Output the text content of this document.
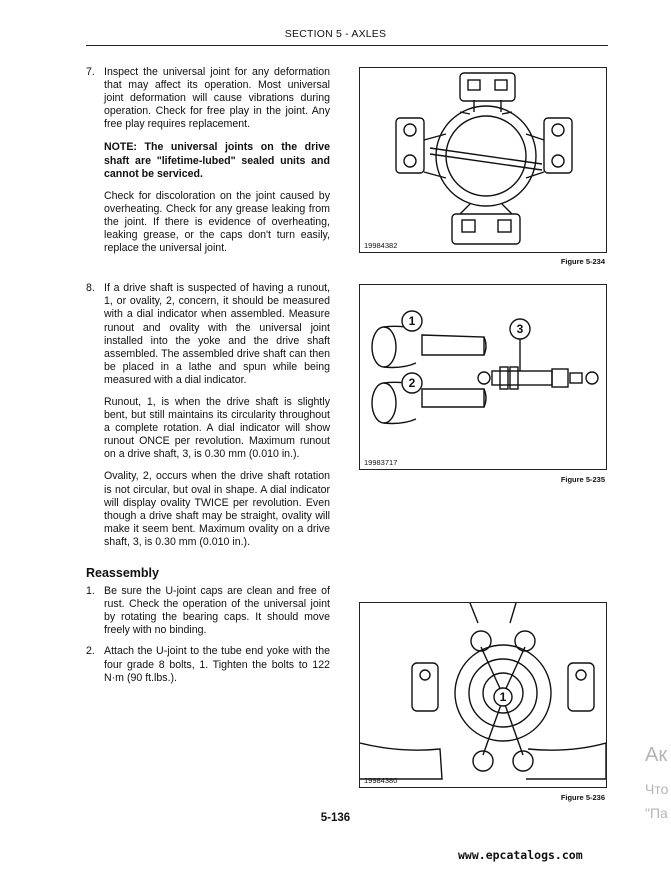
SECTION 5 - AXLES
7. Inspect the universal joint for any deformation that may affect its operation. Most universal joint deformation will cause vibrations during operation. Check for free play in the joint. Any free play requires replacement.

NOTE: The universal joints on the drive shaft are "lifetime-lubed" sealed units and cannot be serviced.

Check for discoloration on the joint caused by overheating. Check for any grease leaking from the joint. If there is evidence of overheating, leaking grease, or the caps don't turn easily, replace the universal joint.

8. If a drive shaft is suspected of having a runout, 1, or ovality, 2, concern, it should be measured with a dial indicator when assembled. Measure runout and ovality with the universal joint installed into the yoke and the drive shaft assembled. The assembled drive shaft can then be placed in a lathe and spun while being measured with a dial indicator.

Runout, 1, is when the drive shaft is slightly bent, but still maintains its circularity throughout a complete rotation. A dial indicator will show runout ONCE per revolution. Maximum runout on a drive shaft, 3, is 0.30 mm (0.010 in.).

Ovality, 2, occurs when the drive shaft rotation is not circular, but oval in shape. A dial indicator will display ovality TWICE per revolution. Even though a drive shaft may be straight, ovality will make it seem bent. Maximum ovality on a drive shaft, 3, is 0.30 mm (0.010 in.).

Reassembly
1. Be sure the U-joint caps are clean and free of rust. Check the operation of the universal joint by rotating the bearing caps. It should move freely with no binding.

2. Attach the U-joint to the tube end yoke with the four grade 8 bolts, 1. Tighten the bolts to 122 N·m (90 ft.lbs.).

19984382
Figure 5-234
1
2
3
19983717
Figure 5-235
1
19984380
Figure 5-236
5-136
www.epcatalogs.com
Ак
Что
"Па
